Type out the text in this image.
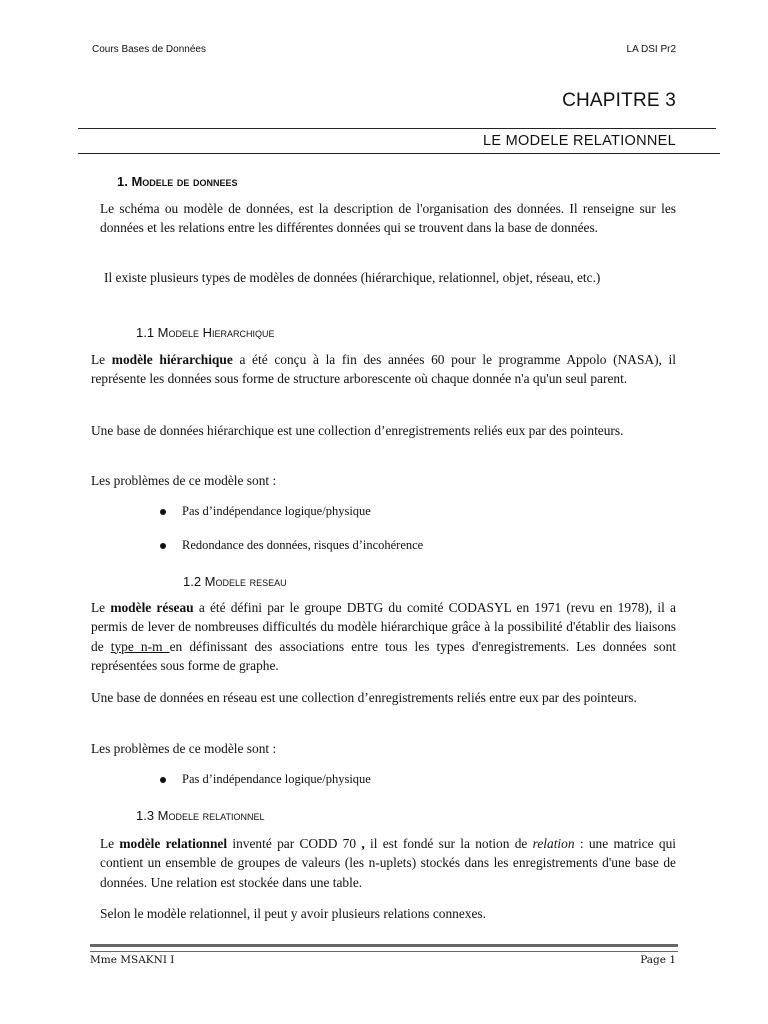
Cours Bases de Données	LA DSI Pr2
CHAPITRE 3
LE MODELE RELATIONNEL
1. Modele de donnees
Le schéma ou modèle de données, est la description de l'organisation des données. Il renseigne sur les données et les relations entre les différentes données qui se trouvent dans la base de données.
Il existe plusieurs types de modèles de données (hiérarchique, relationnel, objet, réseau, etc.)
1.1 Modele Hierarchique
Le modèle hiérarchique a été conçu à la fin des années 60 pour le programme Appolo (NASA), il représente les données sous forme de structure arborescente où chaque donnée n'a qu'un seul parent.
Une base de données hiérarchique est une collection d’enregistrements reliés eux par des pointeurs.
Les problèmes de ce modèle sont :
Pas d’indépendance logique/physique
Redondance des données, risques d’incohérence
1.2 Modele reseau
Le modèle réseau a été défini par le groupe DBTG du comité CODASYL en 1971 (revu en 1978), il a permis de lever de nombreuses difficultés du modèle hiérarchique grâce à la possibilité d'établir des liaisons de type n-m en définissant des associations entre tous les types d'enregistrements. Les données sont représentées sous forme de graphe.
Une base de données en réseau est une collection d’enregistrements reliés entre eux par des pointeurs.
Les problèmes de ce modèle sont :
Pas d’indépendance logique/physique
1.3 Modele relationnel
Le modèle relationnel inventé par CODD 70 , il est fondé sur la notion de relation : une matrice qui contient un ensemble de groupes de valeurs (les n-uplets) stockés dans les enregistrements d'une base de données. Une relation est stockée dans une table.
Selon le modèle relationnel, il peut y avoir plusieurs relations connexes.
Mme MSAKNI I	Page 1
